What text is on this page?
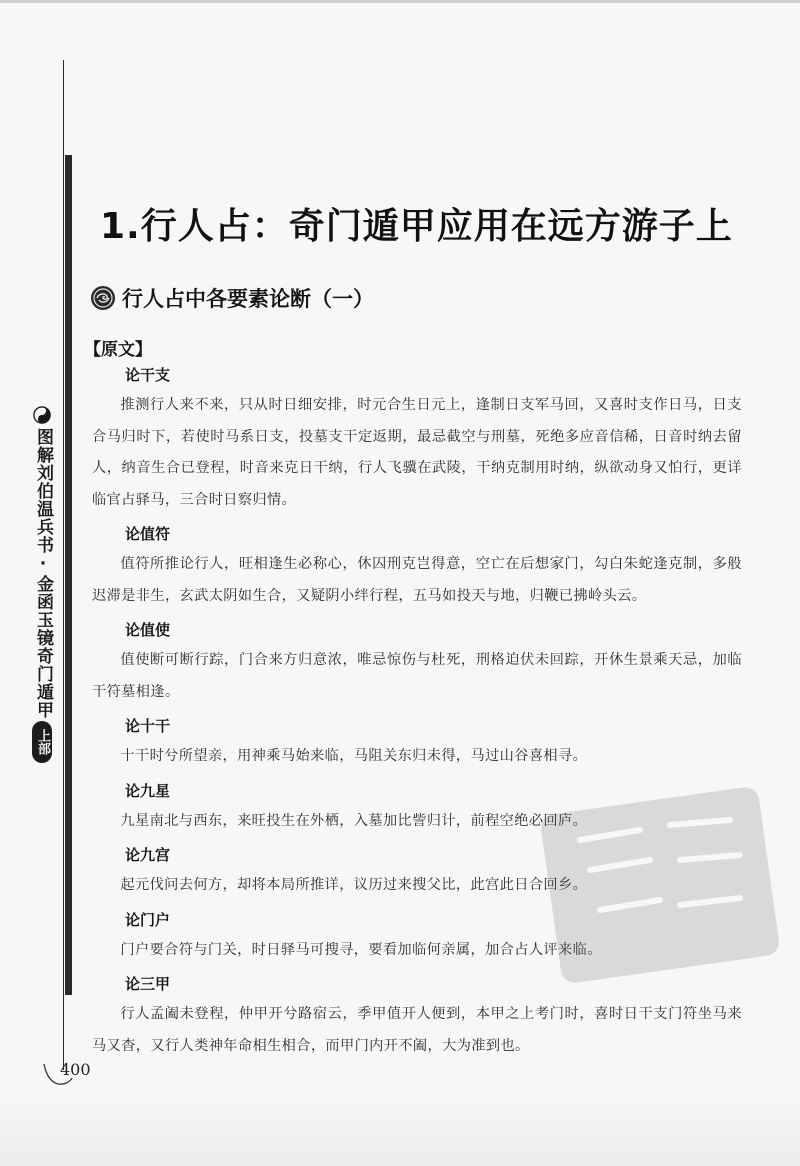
图解刘伯温兵书·金函玉镜奇门遁甲
上部
1.行人占：奇门遁甲应用在远方游子上
行人占中各要素论断（一）
【原文】
论干支

推测行人来不来，只从时日细安排，时元合生日元上，逢制日支军马回，又喜时支作日马，日支合马归时下，若使时马系日支，投墓支干定返期，最忌截空与刑墓，死绝多应音信稀，日音时纳去留人，纳音生合已登程，时音来克日干纳，行人飞骥在武陵，干纳克制用时纳，纵欲动身又怕行，更详临官占驿马，三合时日察归情。

论值符

值符所推论行人，旺相逢生必称心，休囚刑克岂得意，空亡在后想家门，勾白朱蛇逢克制，多般迟滞是非生，玄武太阴如生合，又疑阴小绊行程，五马如投天与地，归鞭已拂岭头云。

论值使

值使断可断行踪，门合来方归意浓，唯忌惊伤与杜死，刑格迫伏未回踪，开休生景乘天忌，加临干符墓相逢。

论十干

十干时兮所望亲，用神乘马始来临，马阻关东归未得，马过山谷喜相寻。

论九星

九星南北与西东，来旺投生在外栖，入墓加比訾归计，前程空绝必回庐。

论九宫

起元伐问去何方，却将本局所推详，议历过来搜父比，此宫此日合回乡。

论门户

门户要合符与门关，时日驿马可搜寻，要看加临何亲属，加合占人评来临。

论三甲

行人孟阖未登程，仲甲开兮路宿云，季甲值开人便到，本甲之上考门时，喜时日干支门符坐马来马又杳，又行人类神年命相生相合，而甲门内开不阖，大为准到也。

400
